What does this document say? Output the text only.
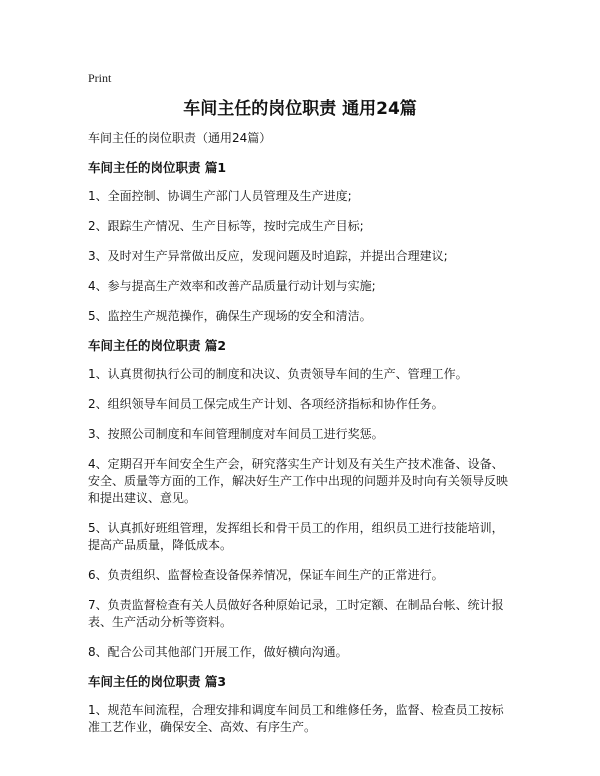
Print
车间主任的岗位职责 通用24篇

车间主任的岗位职责（通用24篇）

车间主任的岗位职责 篇1

1、全面控制、协调生产部门人员管理及生产进度;

2、跟踪生产情况、生产目标等，按时完成生产目标;

3、及时对生产异常做出反应，发现问题及时追踪，并提出合理建议;

4、参与提高生产效率和改善产品质量行动计划与实施;

5、监控生产规范操作，确保生产现场的安全和清洁。

车间主任的岗位职责 篇2

1、认真贯彻执行公司的制度和决议、负责领导车间的生产、管理工作。

2、组织领导车间员工保完成生产计划、各项经济指标和协作任务。

3、按照公司制度和车间管理制度对车间员工进行奖惩。

4、定期召开车间安全生产会，研究落实生产计划及有关生产技术准备、设备、安全、质量等方面的工作，解决好生产工作中出现的问题并及时向有关领导反映和提出建议、意见。

5、认真抓好班组管理，发挥组长和骨干员工的作用，组织员工进行技能培训，提高产品质量，降低成本。

6、负责组织、监督检查设备保养情况，保证车间生产的正常进行。

7、负责监督检查有关人员做好各种原始记录，工时定额、在制品台帐、统计报表、生产活动分析等资料。

8、配合公司其他部门开展工作，做好横向沟通。

车间主任的岗位职责 篇3

1、规范车间流程，合理安排和调度车间员工和维修任务，监督、检查员工按标准工艺作业，确保安全、高效、有序生产。
